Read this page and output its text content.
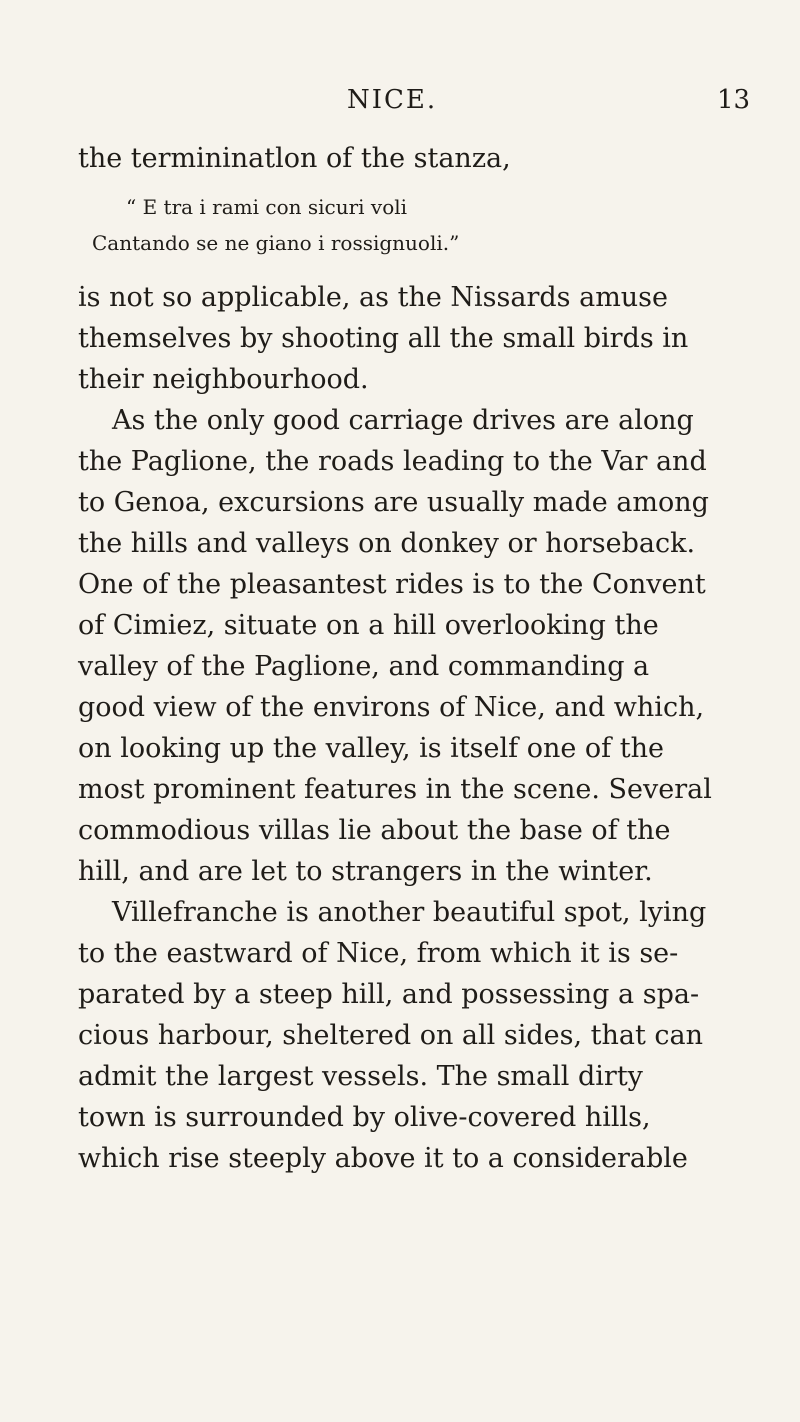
NICE.	13

the termininatlon of the stanza,

“ E tra i rami con sicuri voli

Cantando se ne giano i rossignuoli.”

is not so applicable, as the Nissards amuse

themselves by shooting all the small birds in

their neighbourhood.

As the only good carriage drives are along

the Paglione, the roads leading to the Var and

to Genoa, excursions are usually made among

the hills and valleys on donkey or horseback.

One of the pleasantest rides is to the Convent

of Cimiez, situate on a hill overlooking the

valley of the Paglione, and commanding a

good view of the environs of Nice, and which,

on looking up the valley, is itself one of the

most prominent features in the scene. Several

commodious villas lie about the base of the

hill, and are let to strangers in the winter.

Villefranche is another beautiful spot, lying

to the eastward of Nice, from which it is se-

parated by a steep hill, and possessing a spa-

cious harbour, sheltered on all sides, that can

admit the largest vessels. The small dirty

town is surrounded by olive-covered hills,

which rise steeply above it to a considerable
